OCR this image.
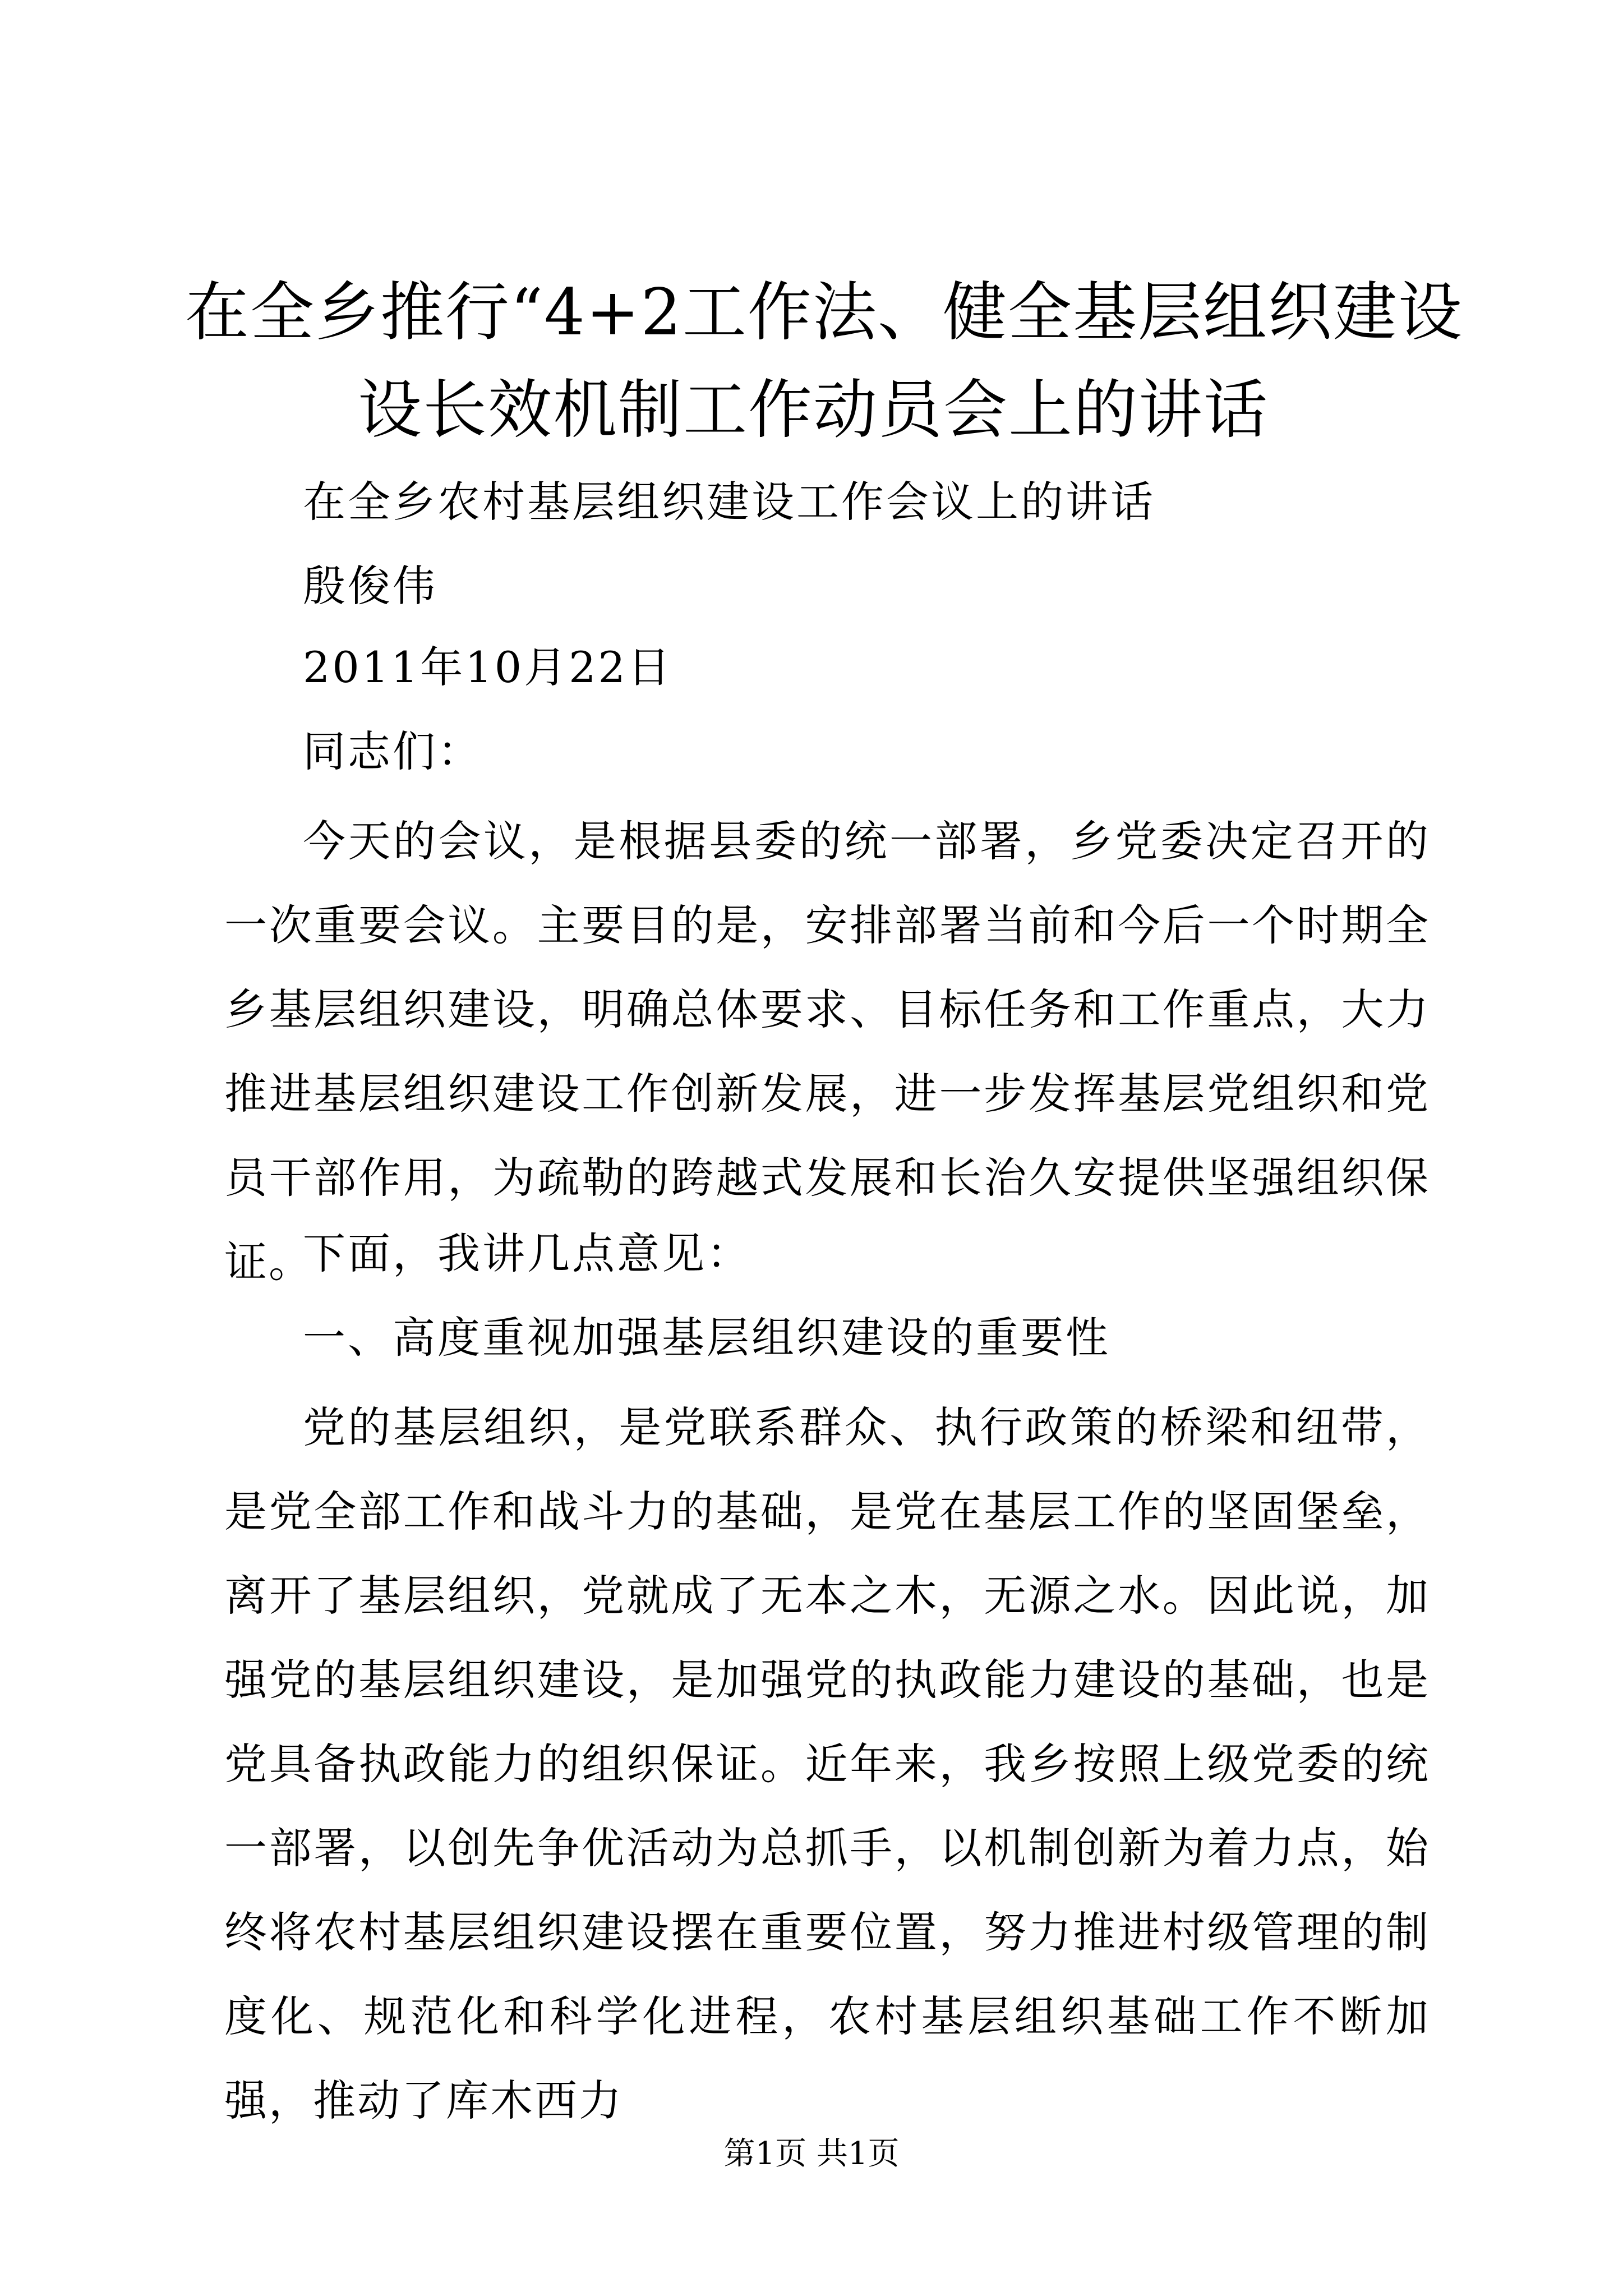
在全乡推行“4+2工作法、健全基层组织建设
设长效机制工作动员会上的讲话

在全乡农村基层组织建设工作会议上的讲话

殷俊伟

2011年10月22日

同志们：

今天的会议，是根据县委的统一部署，乡党委决定召开的一次重要会议。主要目的是，安排部署当前和今后一个时期全乡基层组织建设，明确总体要求、目标任务和工作重点，大力推进基层组织建设工作创新发展，进一步发挥基层党组织和党员干部作用，为疏勒的跨越式发展和长治久安提供坚强组织保证。

下面，我讲几点意见：

一、高度重视加强基层组织建设的重要性

党的基层组织，是党联系群众、执行政策的桥梁和纽带，是党全部工作和战斗力的基础，是党在基层工作的坚固堡垒，离开了基层组织，党就成了无本之木，无源之水。因此说，加强党的基层组织建设，是加强党的执政能力建设的基础，也是党具备执政能力的组织保证。近年来，我乡按照上级党委的统一部署，以创先争优活动为总抓手，以机制创新为着力点，始终将农村基层组织建设摆在重要位置，努力推进村级管理的制度化、规范化和科学化进程，农村基层组织基础工作不断加强，推动了库木西力

第1页 共1页
